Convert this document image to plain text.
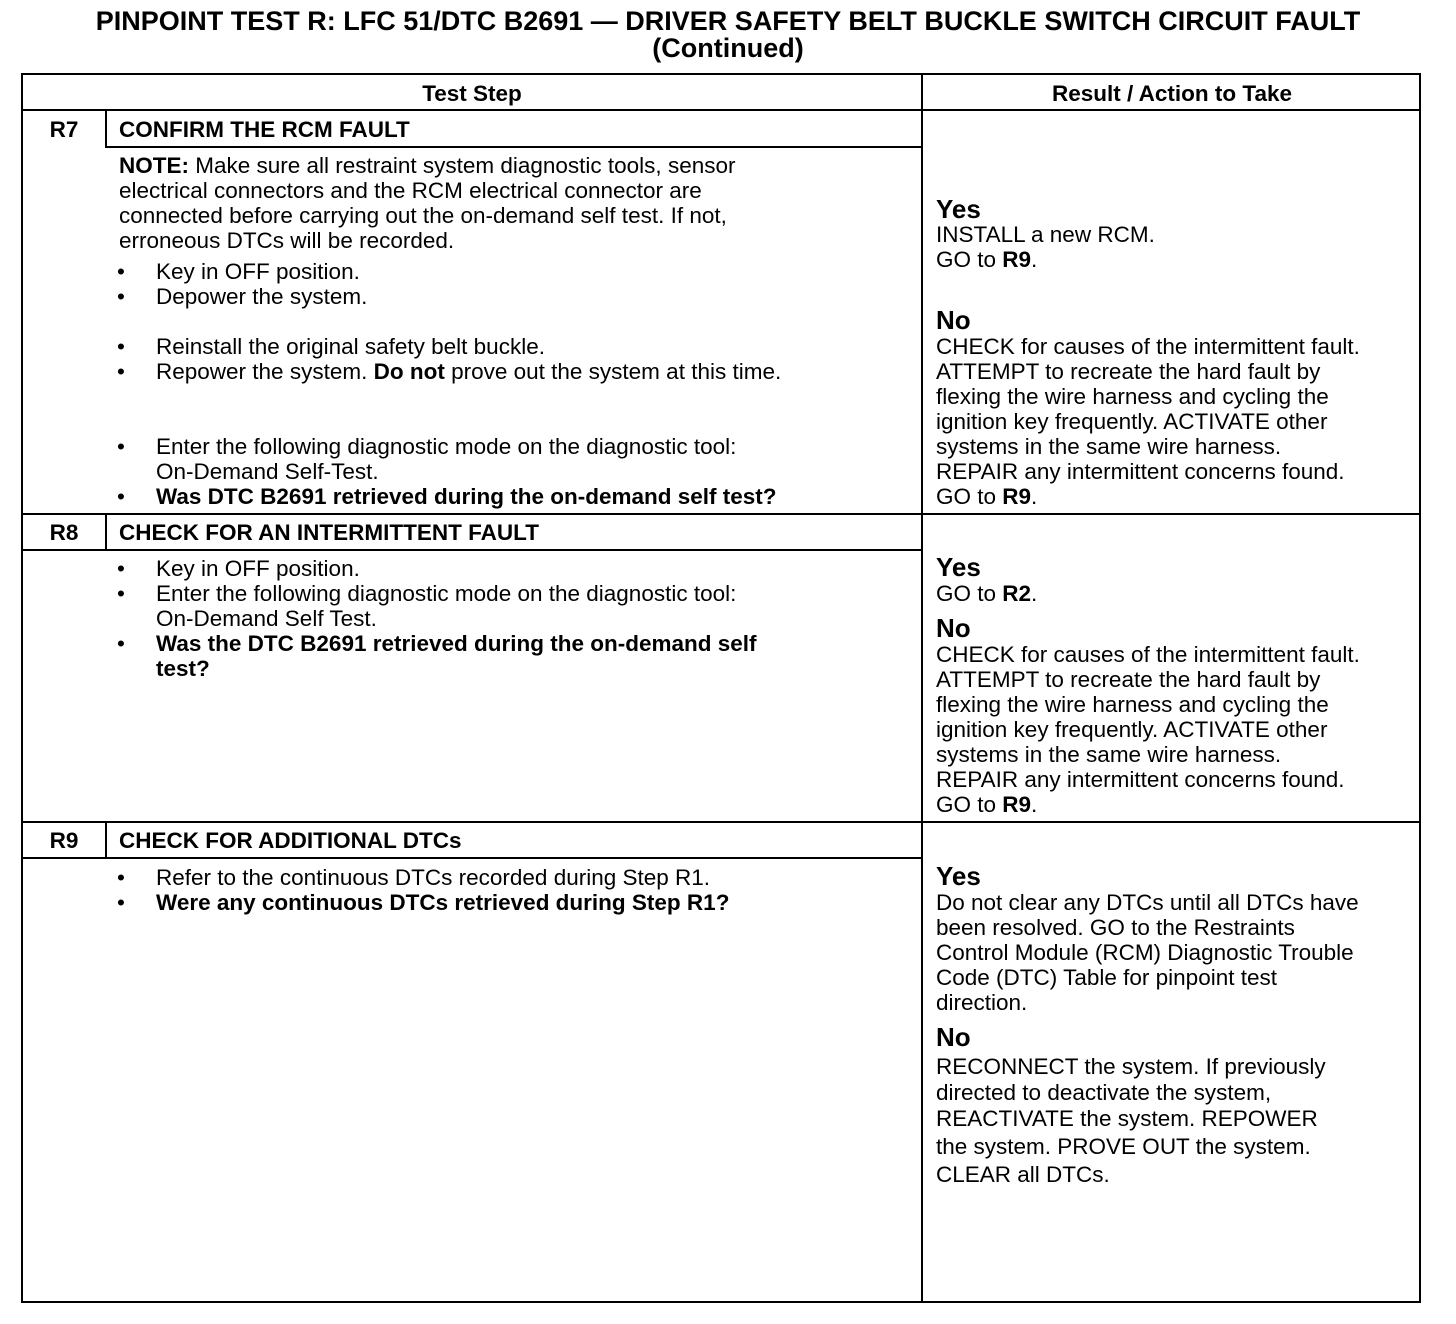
PINPOINT TEST R: LFC 51/DTC B2691 — DRIVER SAFETY BELT BUCKLE SWITCH CIRCUIT FAULT
(Continued)
Test Step	Result / Action to Take
R7	CONFIRM THE RCM FAULT
NOTE: Make sure all restraint system diagnostic tools, sensor
electrical connectors and the RCM electrical connector are
connected before carrying out the on-demand self test. If not,
erroneous DTCs will be recorded.
• Key in OFF position.
• Depower the system.
• Reinstall the original safety belt buckle.
• Repower the system. Do not prove out the system at this time.
• Enter the following diagnostic mode on the diagnostic tool:
On-Demand Self-Test.
• Was DTC B2691 retrieved during the on-demand self test?
Yes
INSTALL a new RCM.
GO to R9.
No
CHECK for causes of the intermittent fault.
ATTEMPT to recreate the hard fault by
flexing the wire harness and cycling the
ignition key frequently. ACTIVATE other
systems in the same wire harness.
REPAIR any intermittent concerns found.
GO to R9.
R8	CHECK FOR AN INTERMITTENT FAULT
• Key in OFF position.
• Enter the following diagnostic mode on the diagnostic tool:
On-Demand Self Test.
• Was the DTC B2691 retrieved during the on-demand self
test?
Yes
GO to R2.
No
CHECK for causes of the intermittent fault.
ATTEMPT to recreate the hard fault by
flexing the wire harness and cycling the
ignition key frequently. ACTIVATE other
systems in the same wire harness.
REPAIR any intermittent concerns found.
GO to R9.
R9	CHECK FOR ADDITIONAL DTCs
• Refer to the continuous DTCs recorded during Step R1.
• Were any continuous DTCs retrieved during Step R1?
Yes
Do not clear any DTCs until all DTCs have
been resolved. GO to the Restraints
Control Module (RCM) Diagnostic Trouble
Code (DTC) Table for pinpoint test
direction.
No
RECONNECT the system. If previously
directed to deactivate the system,
REACTIVATE the system. REPOWER
the system. PROVE OUT the system.
CLEAR all DTCs.
